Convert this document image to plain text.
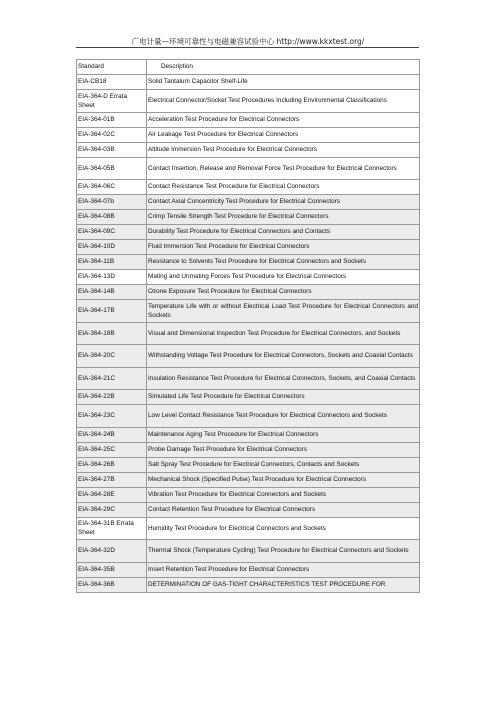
广电计量—环境可靠性与电磁兼容试验中心 http://www.kkxtest.org/
Standard	Description
EIA-CB18	Solid Tantalum Capacitor Shelf-Life
EIA-364-D Errata Sheet	Electrical Connector/Socket Test Procedures Including Environmental Classifications
EIA-364-01B	Acceleration Test Procedure for Electrical Connectors
EIA-364-02C	Air Leakage Test Procedure for Electrical Connectors
EIA-364-03B	Altitude Immersion Test Procedure for Electrical Connectors
EIA-364-05B	Contact Insertion, Release and Removal Force Test Procedure for Electrical Connectors
EIA-364-06C	Contact Resistance Test Procedure for Electrical Connectors
EIA-364-07b	Contact Axial Concentricity Test Procedure for Electrical Connectors
EIA-364-08B	Crimp Tensile Strength Test Procedure for Electrical Connectors
EIA-364-09C	Durability Test Procedure for Electrical Connectors and Contacts
EIA-364-10D	Fluid Immersion Test Procedure for Electrical Connectors
EIA-364-11B	Resistance to Solvents Test Procedure for Electrical Connectors and Sockets
EIA-364-13D	Mating and Unmating Forces Test Procedure for Electrical Connectors
EIA-364-14B	Ozone Exposure Test Procedure for Electrical Connectors
EIA-364-17B	Temperature Life with or without Electrical Load Test Procedure for Electrical Connectors and Sockets
EIA-364-18B	Visual and Dimensional Inspection Test Procedure for Electrical Connectors, and Sockets
EIA-364-20C	Withstanding Voltage Test Procedure for Electrical Connectors, Sockets and Coaxial Contacts
EIA-364-21C	Insulation Resistance Test Procedure for Electrical Connectors, Sockets, and Coaxial Contacts
EIA-364-22B	Simulated Life Test Procedure for Electrical Connectors
EIA-364-23C	Low Level Contact Resistance Test Procedure for Electrical Connectors and Sockets
EIA-364-24B	Maintenance Aging Test Procedure for Electrical Connectors
EIA-364-25C	Probe Damage Test Procedure for Electrical Connectors
EIA-364-26B	Salt Spray Test Procedure for Electrical Connectors, Contacts and Sockets
EIA-364-27B	Mechanical Shock (Specified Pulse) Test Procedure for Electrical Connectors
EIA-364-28E	Vibration Test Procedure for Electrical Connectors and Sockets
EIA-364-29C	Contact Retention Test Procedure for Electrical Connectors
EIA-364-31B Errata Sheet	Humidity Test Procedure for Electrical Connectors and Sockets
EIA-364-32D	Thermal Shock (Temperature Cycling) Test Procedure for Electrical Connectors and Sockets
EIA-364-35B	Insert Retention Test Procedure for Electrical Connectors
EIA-364-36B	DETERMINATION OF GAS-TIGHT CHARACTERISTICS TEST PROCEDURE FOR
